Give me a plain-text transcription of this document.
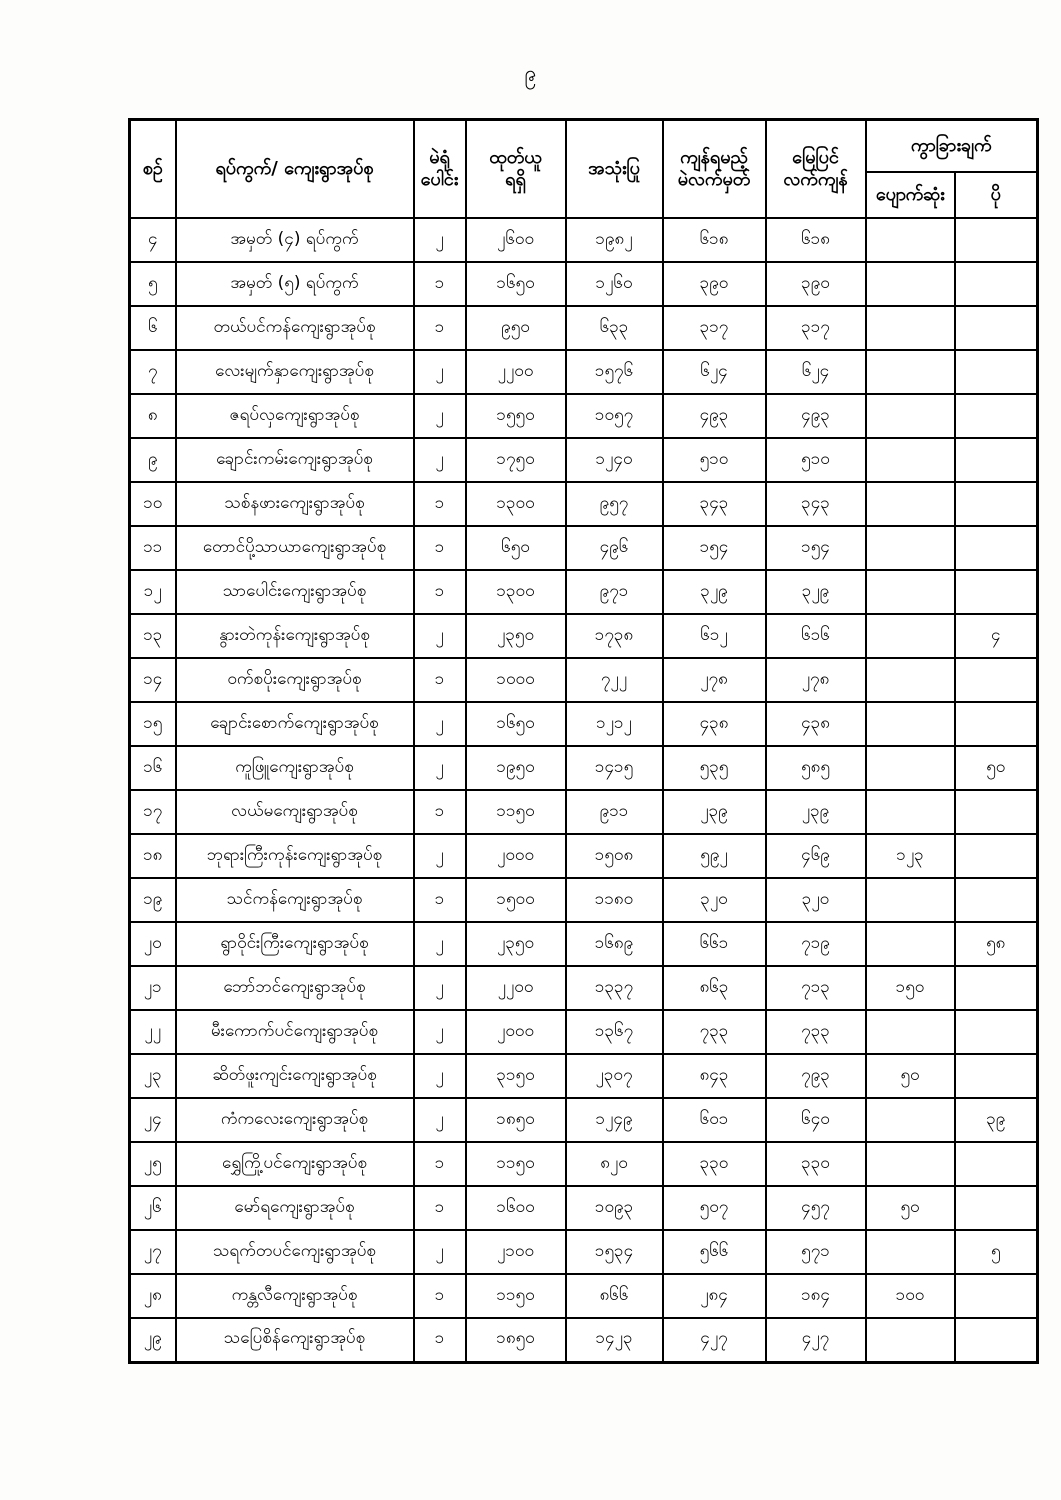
၉
စဉ်	ရပ်ကွက်/ ကျေးရွာအုပ်စု	မဲရုံ
ပေါင်း

ထုတ်ယူ
ရရှိ
	အသုံးပြု	ကျန်ရမည့်
မဲလက်မှတ်

မြေပြင်
လက်ကျန်
	ကွာခြားချက်
							ပျောက်ဆုံး	ပို
၄	အမှတ် (၄) ရပ်ကွက်	၂	၂၆၀၀	၁၉၈၂	၆၁၈	၆၁၈		
၅	အမှတ် (၅) ရပ်ကွက်	၁	၁၆၅၀	၁၂၆၀	၃၉၀	၃၉၀		
၆	တယ်ပင်ကန်ကျေးရွာအုပ်စု	၁	၉၅၀	၆၃၃	၃၁၇	၃၁၇		
၇	လေးမျက်နှာကျေးရွာအုပ်စု	၂	၂၂၀၀	၁၅၇၆	၆၂၄	၆၂၄		
၈	ဇရပ်လှကျေးရွာအုပ်စု	၂	၁၅၅၀	၁၀၅၇	၄၉၃	၄၉၃		
၉	ချောင်းကမ်းကျေးရွာအုပ်စု	၂	၁၇၅၀	၁၂၄၀	၅၁၀	၅၁၀		
၁၀	သစ်နဖားကျေးရွာအုပ်စု	၁	၁၃၀၀	၉၅၇	၃၄၃	၃၄၃		
၁၁	တောင်ပို့သာယာကျေးရွာအုပ်စု	၁	၆၅၀	၄၉၆	၁၅၄	၁၅၄		
၁၂	သာပေါင်းကျေးရွာအုပ်စု	၁	၁၃၀၀	၉၇၁	၃၂၉	၃၂၉		
၁၃	နွားတဲကုန်းကျေးရွာအုပ်စု	၂	၂၃၅၀	၁၇၃၈	၆၁၂	၆၁၆		၄
၁၄	ဝက်စပိုးကျေးရွာအုပ်စု	၁	၁၀၀၀	၇၂၂	၂၇၈	၂၇၈		
၁၅	ချောင်းစောက်ကျေးရွာအုပ်စု	၂	၁၆၅၀	၁၂၁၂	၄၃၈	၄၃၈		
၁၆	ကူဖြူကျေးရွာအုပ်စု	၂	၁၉၅၀	၁၄၁၅	၅၃၅	၅၈၅		၅၀
၁၇	လယ်မကျေးရွာအုပ်စု	၁	၁၁၅၀	၉၁၁	၂၃၉	၂၃၉		
၁၈	ဘုရားကြီးကုန်းကျေးရွာအုပ်စု	၂	၂၀၀၀	၁၅၀၈	၅၉၂	၄၆၉	၁၂၃	
၁၉	သင်ကန်ကျေးရွာအုပ်စု	၁	၁၅၀၀	၁၁၈၀	၃၂၀	၃၂၀		
၂၀	ရွာဝိုင်းကြီးကျေးရွာအုပ်စု	၂	၂၃၅၀	၁၆၈၉	၆၆၁	၇၁၉		၅၈
၂၁	ဘော်ဘင်ကျေးရွာအုပ်စု	၂	၂၂၀၀	၁၃၃၇	၈၆၃	၇၁၃	၁၅၀	
၂၂	မီးကောက်ပင်ကျေးရွာအုပ်စု	၂	၂၀၀၀	၁၃၆၇	၇၃၃	၇၃၃		
၂၃	ဆိတ်ဖူးကျင်းကျေးရွာအုပ်စု	၂	၃၁၅၀	၂၃၀၇	၈၄၃	၇၉၃	၅၀	
၂၄	ကံကလေးကျေးရွာအုပ်စု	၂	၁၈၅၀	၁၂၄၉	၆၀၁	၆၄၀		၃၉
၂၅	ရွှေကြို့ပင်ကျေးရွာအုပ်စု	၁	၁၁၅၀	၈၂၀	၃၃၀	၃၃၀		
၂၆	မော်ရကျေးရွာအုပ်စု	၁	၁၆၀၀	၁၀၉၃	၅၀၇	၄၅၇	၅၀	
၂၇	သရက်တပင်ကျေးရွာအုပ်စု	၂	၂၁၀၀	၁၅၃၄	၅၆၆	၅၇၁		၅
၂၈	ကန္တလီကျေးရွာအုပ်စု	၁	၁၁၅၀	၈၆၆	၂၈၄	၁၈၄	၁၀၀	
၂၉	သပြေစိန်ကျေးရွာအုပ်စု	၁	၁၈၅၀	၁၄၂၃	၄၂၇	၄၂၇		
